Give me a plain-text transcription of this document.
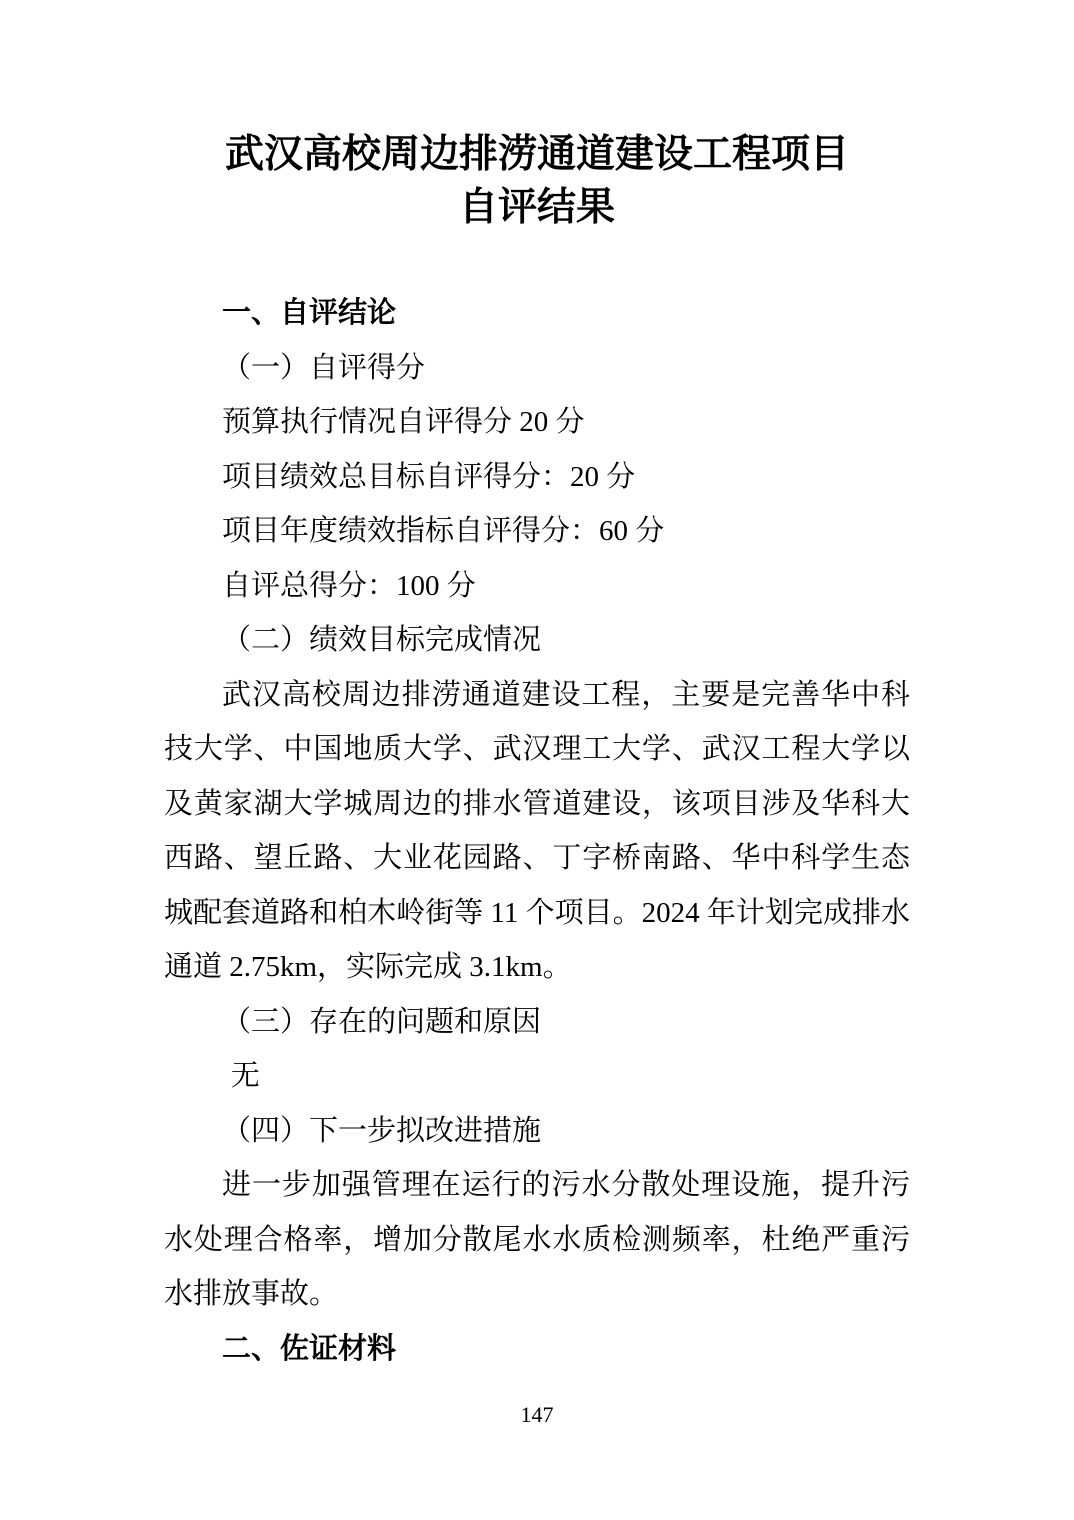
武汉高校周边排涝通道建设工程项目
自评结果

一、自评结论

（一）自评得分

预算执行情况自评得分 20 分

项目绩效总目标自评得分：20 分

项目年度绩效指标自评得分：60 分

自评总得分：100 分

（二）绩效目标完成情况

武汉高校周边排涝通道建设工程，主要是完善华中科技大学、中国地质大学、武汉理工大学、武汉工程大学以及黄家湖大学城周边的排水管道建设，该项目涉及华科大西路、望丘路、大业花园路、丁字桥南路、华中科学生态城配套道路和柏木岭街等 11 个项目。2024 年计划完成排水通道 2.75km，实际完成 3.1km。

（三）存在的问题和原因

无

（四）下一步拟改进措施

进一步加强管理在运行的污水分散处理设施，提升污水处理合格率，增加分散尾水水质检测频率，杜绝严重污水排放事故。

二、佐证材料

147
